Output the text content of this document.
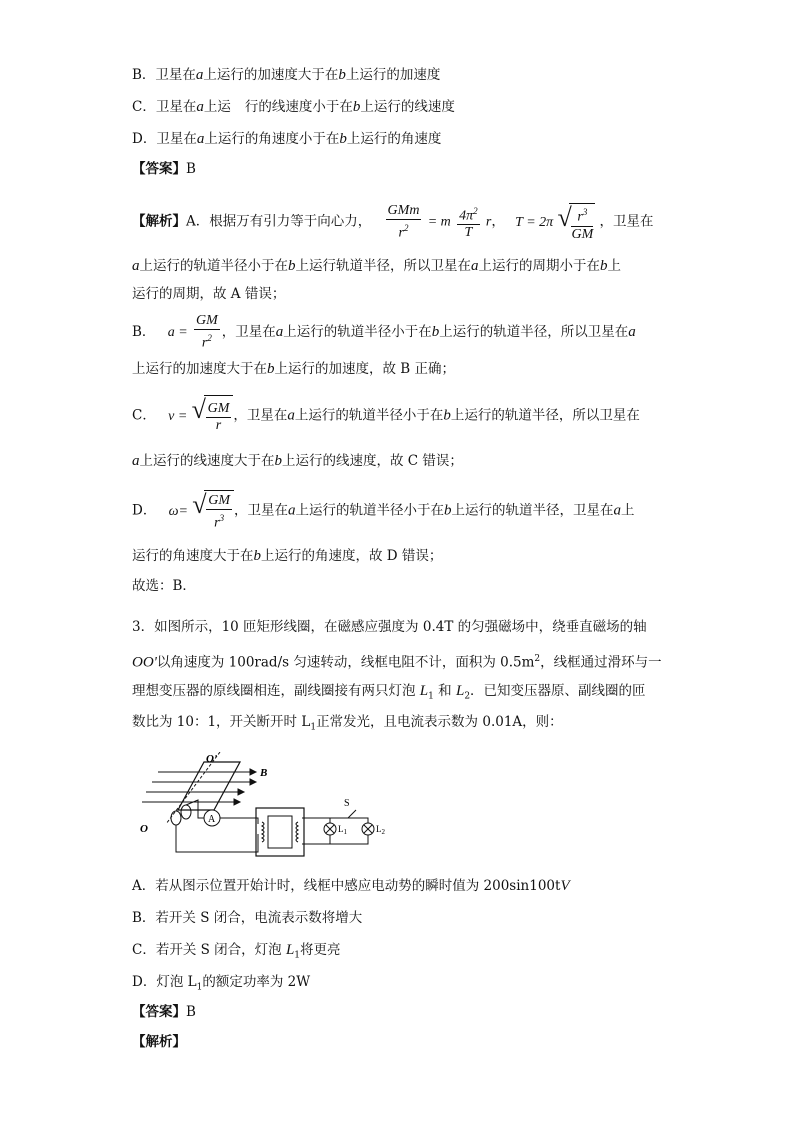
B．卫星在a上运行的加速度大于在b上运行的加速度
C．卫星在a上运 行的线速度小于在b上运行的线速度
D．卫星在a上运行的角速度小于在b上运行的角速度
【答案】B
【解析】A．根据万有引力等于向心力， $\frac{\text{GMm}}{r^2} = m \frac{4\pi^2}{T}$ r， T = 2π √ $\frac{r^3}{GM}$ ，卫星在
a上运行的轨道半径小于在b上运行轨道半径，所以卫星在a上运行的周期小于在b上
运行的周期，故 A 错误；
B． $a = \frac{GM}{r^2}$ ，卫星在a上运行的轨道半径小于在b上运行的轨道半径，所以卫星在a
上运行的加速度大于在b上运行的加速度，故 B 正确；
C． v = √ $\frac{GM}{r}$ ，卫星在a上运行的轨道半径小于在b上运行的轨道半径，所以卫星在
a上运行的线速度大于在b上运行的线速度，故 C 错误；
D． ω= √ $\frac{GM}{r^3}$ ，卫星在a上运行的轨道半径小于在b上运行的轨道半径，卫星在a上
运行的角速度大于在b上运行的角速度，故 D 错误；
故选：B．
3．如图所示，10 匝矩形线圈，在磁感应强度为 0.4T 的匀强磁场中，绕垂直磁场的轴
OO'以角速度为 100rad/s 匀速转动，线框电阻不计，面积为 $0.5m^2$，线框通过滑环与一
理想变压器的原线圈相连，副线圈接有两只灯泡 $L_1$ 和 $L_2$．已知变压器原、副线圈的匝
数比为 10：1，开关断开时 $L_1$正常发光，且电流表示数为 0.01A，则：
A
O'
B
O
S
$L_1$	$L_2$
A．若从图示位置开始计时，线框中感应电动势的瞬时值为 200sin100tV
B．若开关 S 闭合，电流表示数将增大
C．若开关 S 闭合，灯泡 $L_1$将更亮
D．灯泡 $L_1$的额定功率为 2W
【答案】B
【解析】
